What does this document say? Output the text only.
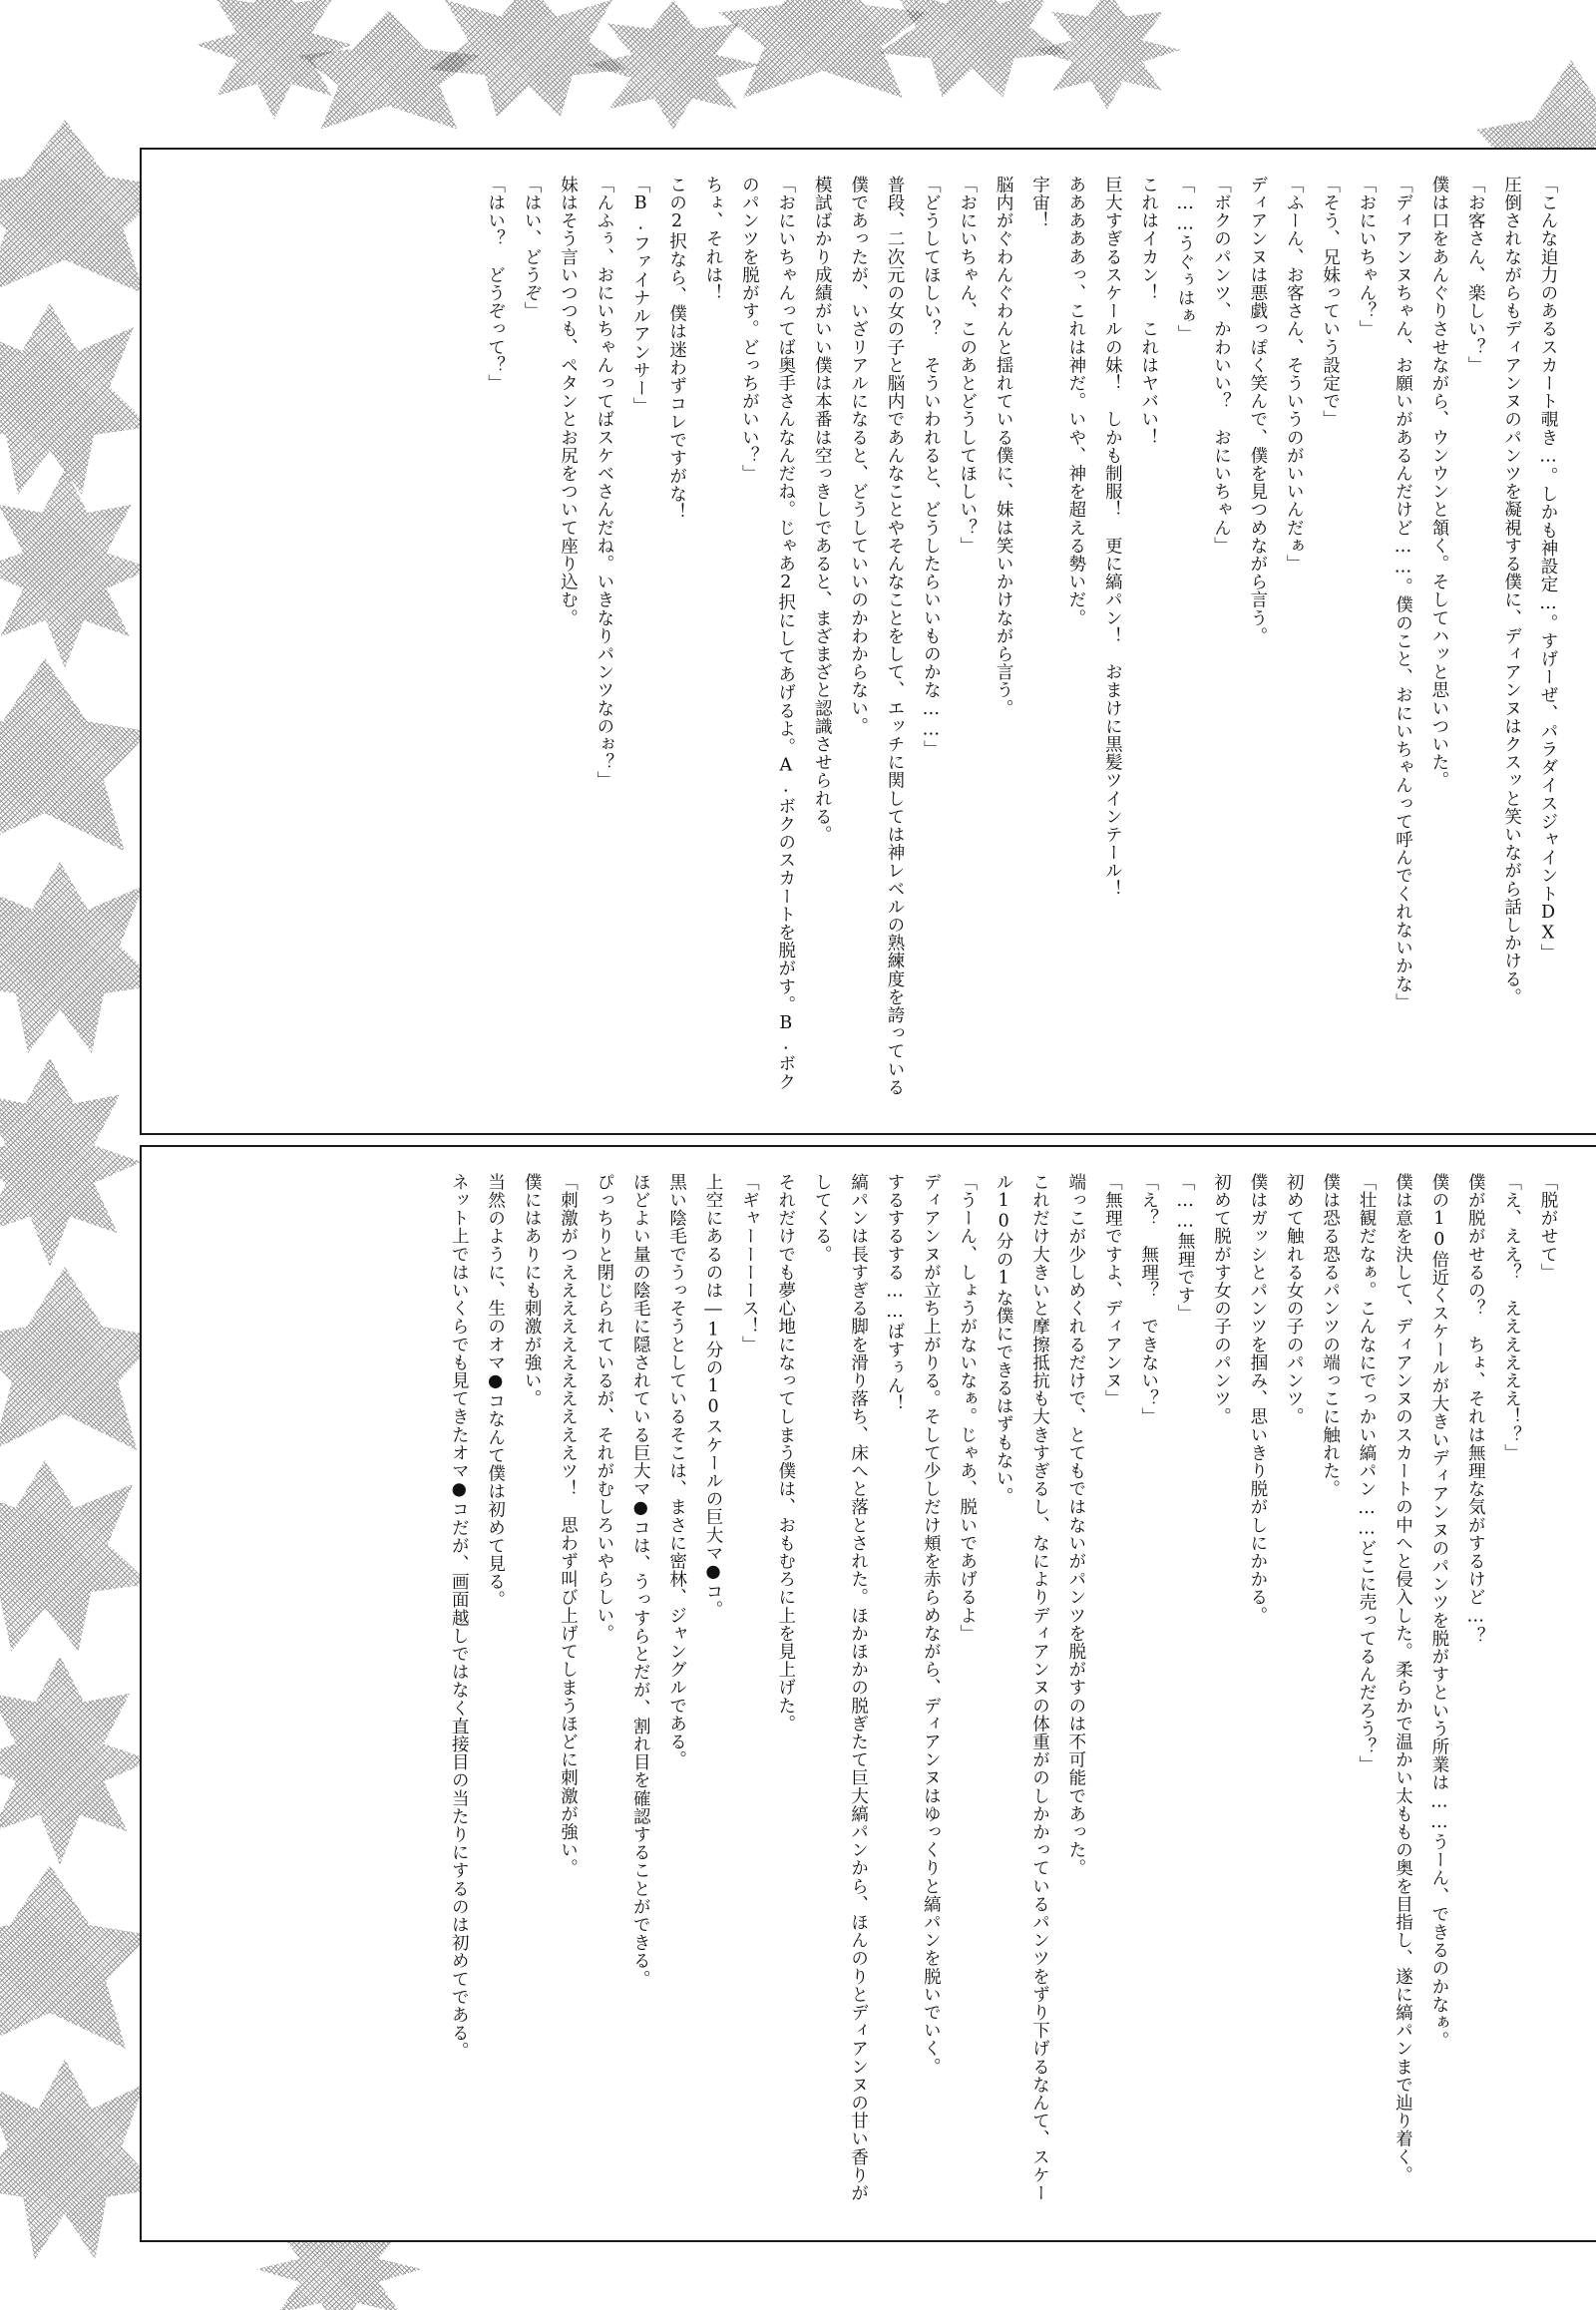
「こんな迫力のあるスカート覗き…。しかも神設定…。すげーぜ、パラダイスジャイントDX」

圧倒されながらもディアンヌのパンツを凝視する僕に、ディアンヌはクスッと笑いながら話しかける。

「お客さん、楽しい？」

僕は口をあんぐりさせながら、ウンウンと頷く。そしてハッと思いついた。

「ディアンヌちゃん、お願いがあるんだけど……。僕のこと、おにいちゃんって呼んでくれないかな」

「おにいちゃん？」

「そう、兄妹っていう設定で」

「ふーん、お客さん、そういうのがいいんだぁ」

ディアンヌは悪戯っぽく笑んで、僕を見つめながら言う。

「ボクのパンツ、かわいい？　おにいちゃん」

「……うぐぅはぁ」

これはイカン！　これはヤバい！

巨大すぎるスケールの妹！　しかも制服！　更に縞パン！　おまけに黒髪ツインテール！

あああああっ、これは神だ。いや、神を超える勢いだ。

宇宙！

脳内がぐわんぐわんと揺れている僕に、妹は笑いかけながら言う。

「おにいちゃん、このあとどうしてほしい？」

「どうしてほしい？　そういわれると、どうしたらいいものかな……」

普段、二次元の女の子と脳内であんなことやそんなことをして、エッチに関しては神レベルの熟練度を誇っている僕であったが、いざリアルになると、どうしていいのかわからない。

模試ばかり成績がいい僕は本番は空っきしであると、まざまざと認識させられる。

「おにいちゃんってば奥手さんなんだね。じゃあ2択にしてあげるよ。A.ボクのスカートを脱がす。B.ボクのパンツを脱がす。どっちがいい？」

ちょ、それは！

この2択なら、僕は迷わずコレですがな！

「B.ファイナルアンサー」

「んふぅ、おにいちゃんってばスケベさんだね。いきなりパンツなのぉ？」

妹はそう言いつつも、ペタンとお尻をついて座り込む。

「はい、どうぞ」

「はい？　どうぞって？」

「脱がせて」

「え、ええ？　ええええええ！？」

僕が脱がせるの？　ちょ、それは無理な気がするけど…？

僕の10倍近くスケールが大きいディアンヌのパンツを脱がすという所業は……うーん、できるのかなぁ。

僕は意を決して、ディアンヌのスカートの中へと侵入した。柔らかで温かい太ももの奥を目指し、遂に縞パンまで辿り着く。

「壮観だなぁ。こんなにでっかい縞パン……どこに売ってるんだろう？」

僕は恐る恐るパンツの端っこに触れた。

初めて触れる女の子のパンツ。

僕はガッシとパンツを掴み、思いきり脱がしにかかる。

初めて脱がす女の子のパンツ。

「……無理です」

「え？　無理？　できない？」

「無理ですよ、ディアンヌ」

端っこが少しめくれるだけで、とてもではないがパンツを脱がすのは不可能であった。

これだけ大きいと摩擦抵抗も大きすぎるし、なによりディアンヌの体重がのしかかっているパンツをずり下げるなんて、スケール10分の1な僕にできるはずもない。

「うーん、しょうがないなぁ。じゃあ、脱いであげるよ」

ディアンヌが立ち上がりる。そして少しだけ頬を赤らめながら、ディアンヌはゆっくりと縞パンを脱いでいく。

するするする……ばすぅん！

縞パンは長すぎる脚を滑り落ち、床へと落とされた。ほかほかの脱ぎたて巨大縞パンから、ほんのりとディアンヌの甘い香りがしてくる。

それだけでも夢心地になってしまう僕は、おもむろに上を見上げた。

「ギャーーーース！」

上空にあるのは―1分の10スケールの巨大マ●コ。

黒い陰毛でうっそうとしているそこは、まさに密林、ジャングルである。

ほどよい量の陰毛に隠されている巨大マ●コは、うっすらとだが、割れ目を確認することができる。

ぴっちりと閉じられているが、それがむしろいやらしい。

「刺激がつえええええええええええツ！　思わず叫び上げてしまうほどに刺激が強い。

僕にはありにも刺激が強い。

当然のように、生のオマ●コなんて僕は初めて見る。

ネット上ではいくらでも見てきたオマ●コだが、画面越しではなく直接目の当たりにするのは初めてである。
